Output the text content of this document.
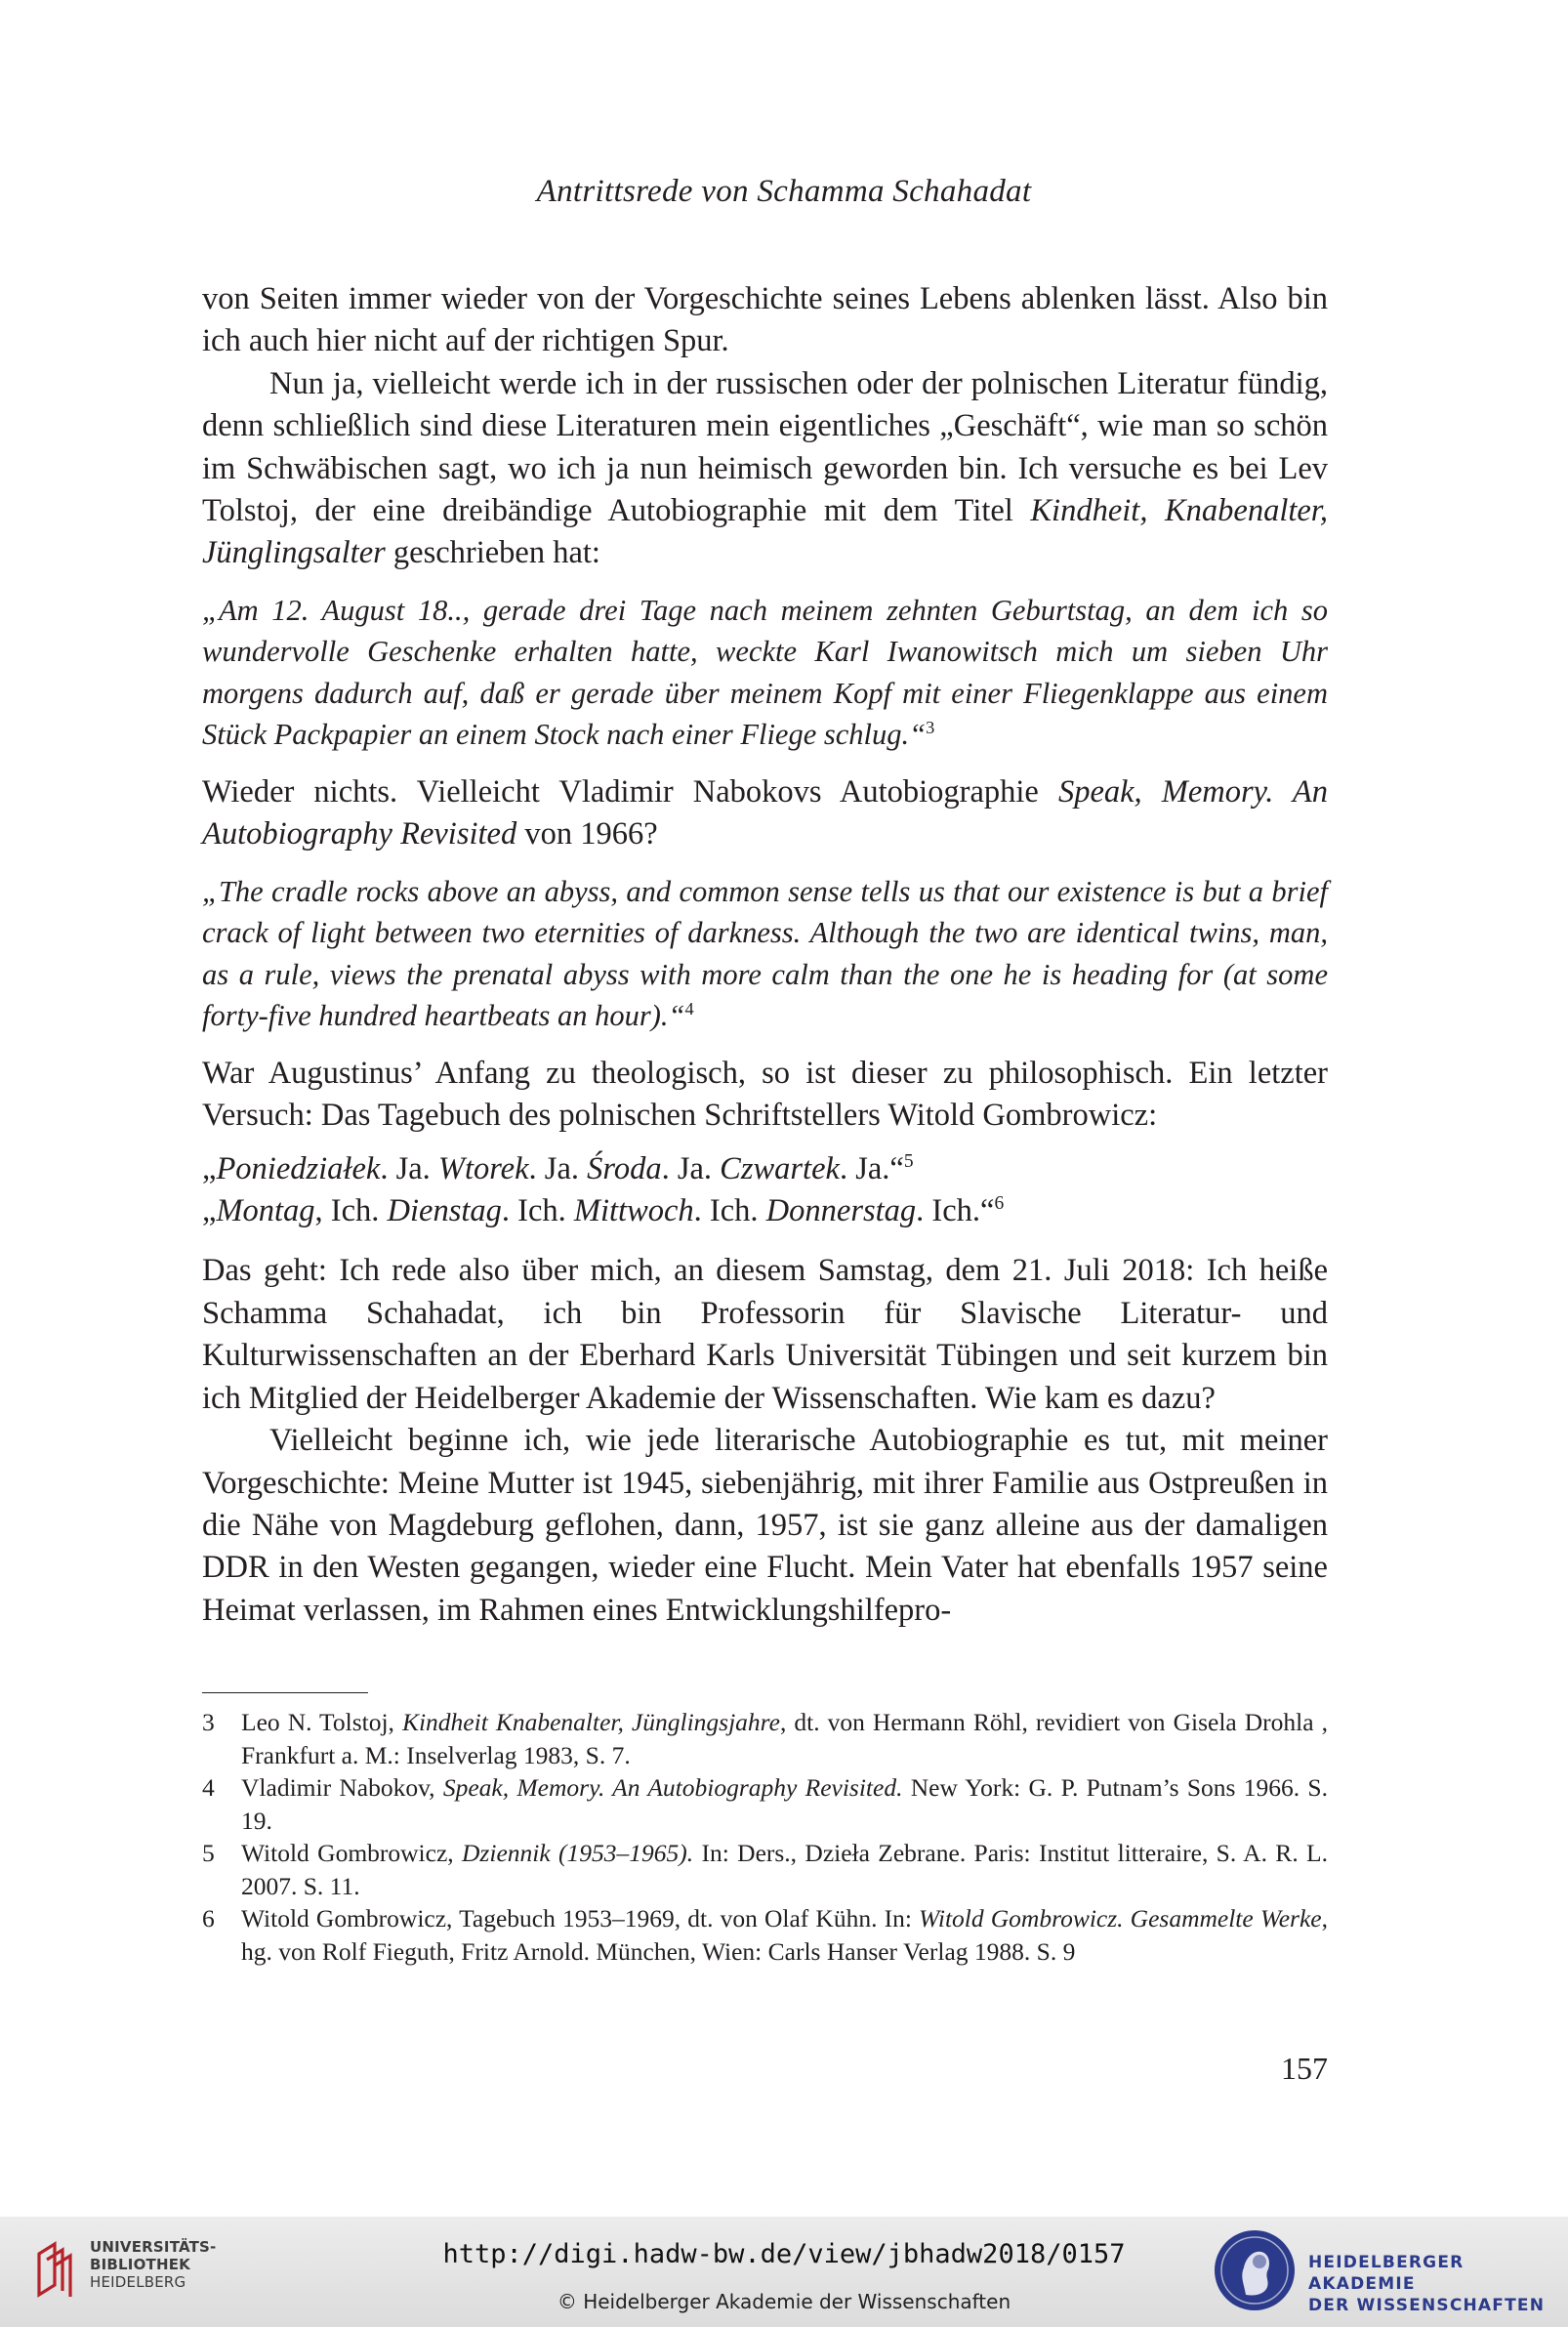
Antrittsrede von Schamma Schahadat

von Seiten immer wieder von der Vorgeschichte seines Lebens ablenken lässt. Also bin ich auch hier nicht auf der richtigen Spur.

Nun ja, vielleicht werde ich in der russischen oder der polnischen Literatur fündig, denn schließlich sind diese Literaturen mein eigentliches „Geschäft“, wie man so schön im Schwäbischen sagt, wo ich ja nun heimisch geworden bin. Ich versuche es bei Lev Tolstoj, der eine dreibändige Autobiographie mit dem Titel Kindheit, Knabenalter, Jünglingsalter geschrieben hat:

„Am 12. August 18.., gerade drei Tage nach meinem zehnten Geburtstag, an dem ich so wundervolle Geschenke erhalten hatte, weckte Karl Iwanowitsch mich um sieben Uhr morgens dadurch auf, daß er gerade über meinem Kopf mit einer Fliegenklappe aus einem Stück Packpapier an einem Stock nach einer Fliege schlug.“$^3$

Wieder nichts. Vielleicht Vladimir Nabokovs Autobiographie Speak, Memory. An Autobiography Revisited von 1966?

„The cradle rocks above an abyss, and common sense tells us that our existence is but a brief crack of light between two eternities of darkness. Although the two are identical twins, man, as a rule, views the prenatal abyss with more calm than the one he is heading for (at some forty-five hundred heartbeats an hour).“$^4$

War Augustinus’ Anfang zu theologisch, so ist dieser zu philosophisch. Ein letzter Versuch: Das Tagebuch des polnischen Schriftstellers Witold Gombrowicz:

„Poniedziałek. Ja. Wtorek. Ja. Środa. Ja. Czwartek. Ja.“$^5$
„Montag, Ich. Dienstag. Ich. Mittwoch. Ich. Donnerstag. Ich.“$^6$

Das geht: Ich rede also über mich, an diesem Samstag, dem 21. Juli 2018: Ich heiße Schamma Schahadat, ich bin Professorin für Slavische Literatur- und Kulturwissenschaften an der Eberhard Karls Universität Tübingen und seit kurzem bin ich Mitglied der Heidelberger Akademie der Wissenschaften. Wie kam es dazu?

Vielleicht beginne ich, wie jede literarische Autobiographie es tut, mit meiner Vorgeschichte: Meine Mutter ist 1945, siebenjährig, mit ihrer Familie aus Ostpreußen in die Nähe von Magdeburg geflohen, dann, 1957, ist sie ganz alleine aus der damaligen DDR in den Westen gegangen, wieder eine Flucht. Mein Vater hat ebenfalls 1957 seine Heimat verlassen, im Rahmen eines Entwicklungshilfepro-

3 Leo N. Tolstoj, Kindheit Knabenalter, Jünglingsjahre, dt. von Hermann Röhl, revidiert von Gisela Drohla , Frankfurt a. M.: Inselverlag 1983, S. 7.

4 Vladimir Nabokov, Speak, Memory. An Autobiography Revisited. New York: G. P. Putnam’s Sons 1966. S. 19.

5 Witold Gombrowicz, Dziennik (1953–1965). In: Ders., Dzieła Zebrane. Paris: Institut litteraire, S. A. R. L. 2007. S. 11.

6 Witold Gombrowicz, Tagebuch 1953–1969, dt. von Olaf Kühn. In: Witold Gombrowicz. Gesammelte Werke, hg. von Rolf Fieguth, Fritz Arnold. München, Wien: Carls Hanser Verlag 1988. S. 9

157
UNIVERSITÄTS-
BIBLIOTHEK
HEIDELBERG
http://digi.hadw-bw.de/view/jbhadw2018/0157
© Heidelberger Akademie der Wissenschaften
HEIDELBERGER AKADEMIE
DER WISSENSCHAFTEN
